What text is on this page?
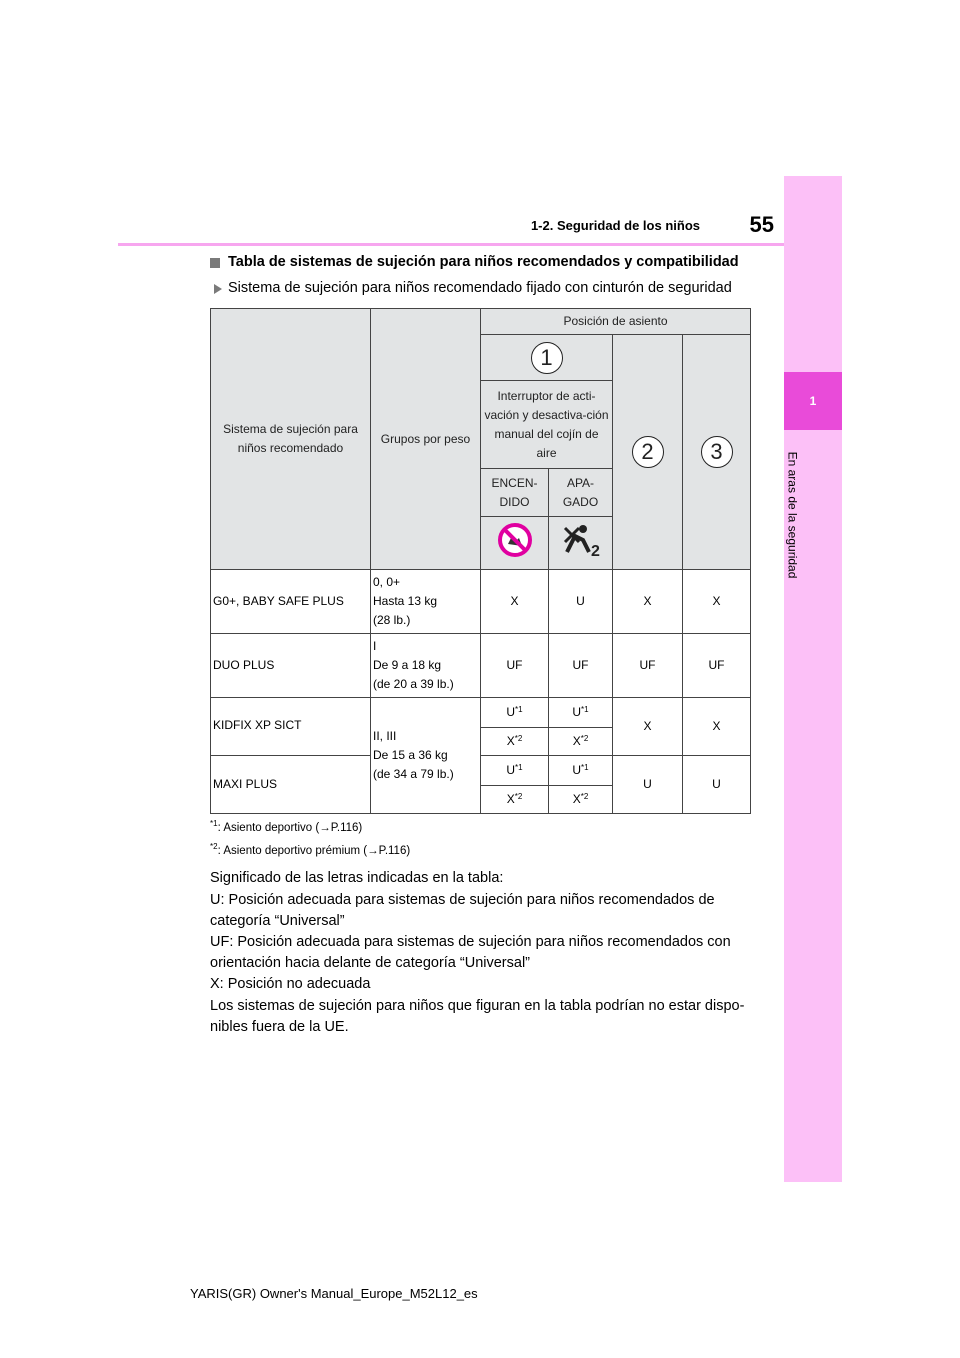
1
En aras de la seguridad
55
1-2. Seguridad de los niños
Tabla de sistemas de sujeción para niños recomendados y compatibilidad
Sistema de sujeción para niños recomendado fijado con cinturón de seguridad
Sistema de sujeción para niños recomendado	Grupos por peso	Posición de asiento			
		1		2	3
		Interruptor de acti-vación y desactiva-ción manual del cojín de aire			
		ENCEN-DIDO	APA-GADO		

2		

G0+, BABY SAFE PLUS	0, 0+
Hasta 13 kg
(28 lb.)	X	U	X	X
DUO PLUS	I
De 9 a 18 kg
(de 20 a 39 lb.)	UF	UF	UF	UF
KIDFIX XP SICT	II, III
De 15 a 36 kg
(de 34 a 79 lb.)	$U^{*1}$	$U^{*1}$	X	X
		$X^{*2}$	$X^{*2}$
MAXI PLUS		$U^{*1}$	$U^{*1}$	U	U
		$X^{*2}$	$X^{*2}$
$^{*1}$: Asiento deportivo (→P.116)
$^{*2}$: Asiento deportivo prémium (→P.116)
Significado de las letras indicadas en la tabla:
U: Posición adecuada para sistemas de sujeción para niños recomendados de categoría “Universal”
UF: Posición adecuada para sistemas de sujeción para niños recomendados con orientación hacia delante de categoría “Universal”
X: Posición no adecuada
Los sistemas de sujeción para niños que figuran en la tabla podrían no estar dispo-nibles fuera de la UE.
YARIS(GR) Owner's Manual_Europe_M52L12_es
